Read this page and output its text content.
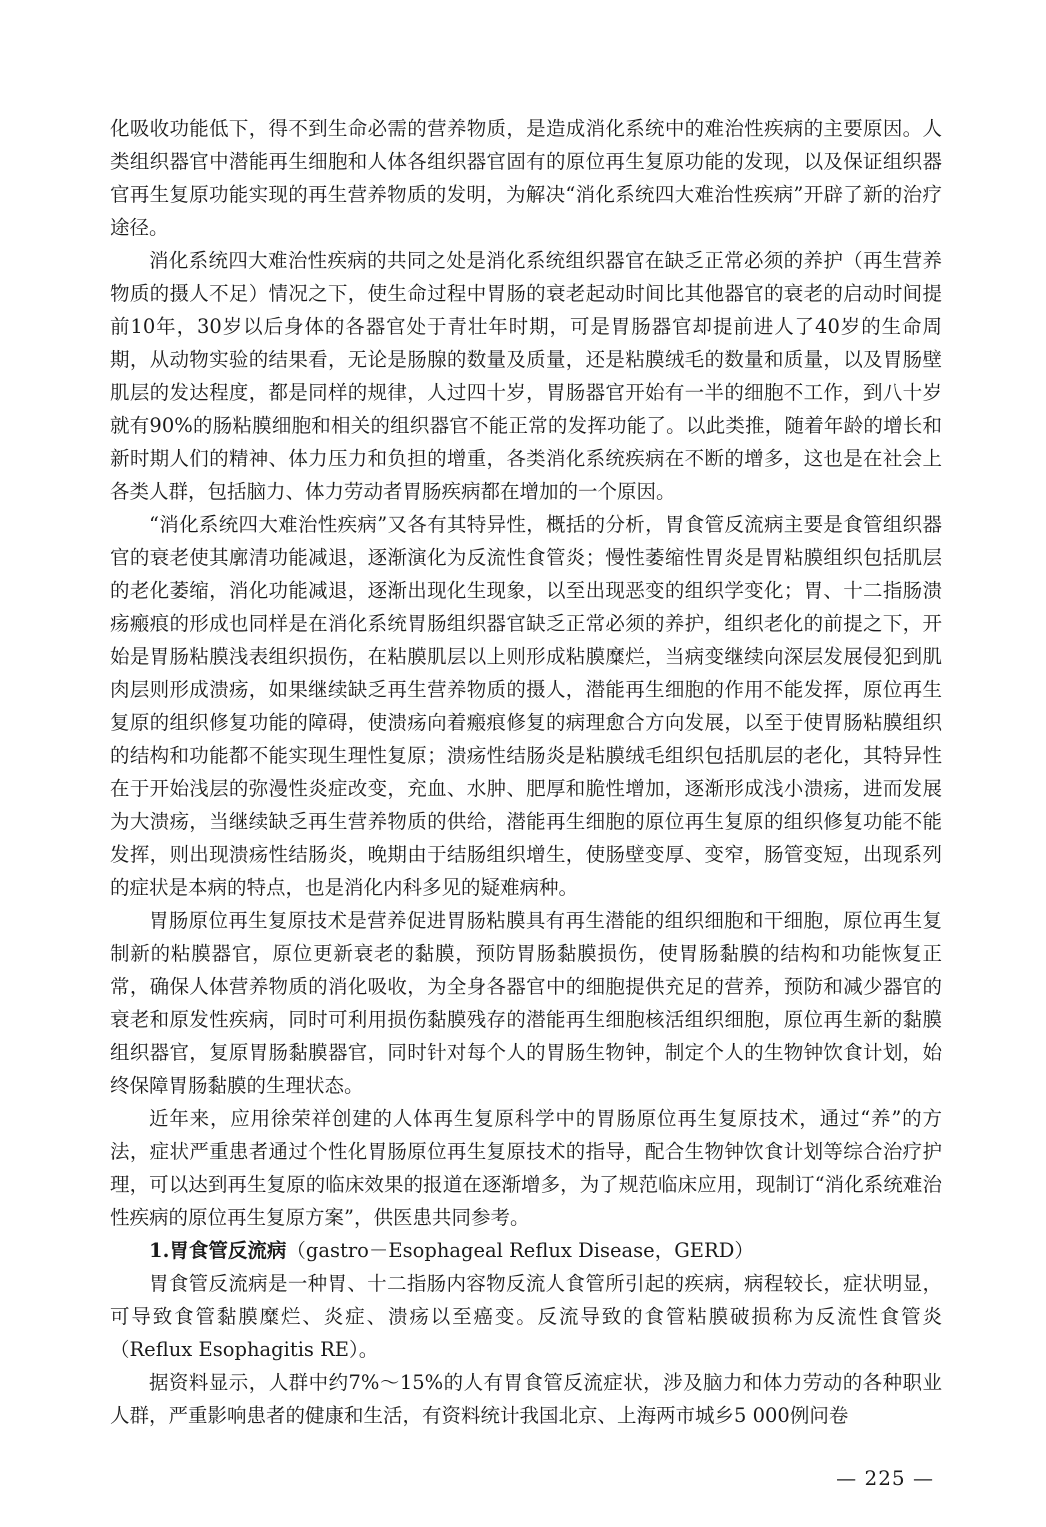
化吸收功能低下，得不到生命必需的营养物质，是造成消化系统中的难治性疾病的主要原因。人类组织器官中潜能再生细胞和人体各组织器官固有的原位再生复原功能的发现，以及保证组织器官再生复原功能实现的再生营养物质的发明，为解决“消化系统四大难治性疾病”开辟了新的治疗途径。

消化系统四大难治性疾病的共同之处是消化系统组织器官在缺乏正常必须的养护（再生营养物质的摄人不足）情况之下，使生命过程中胃肠的衰老起动时间比其他器官的衰老的启动时间提前10年，30岁以后身体的各器官处于青壮年时期，可是胃肠器官却提前进人了40岁的生命周期，从动物实验的结果看，无论是肠腺的数量及质量，还是粘膜绒毛的数量和质量，以及胃肠壁肌层的发达程度，都是同样的规律，人过四十岁，胃肠器官开始有一半的细胞不工作，到八十岁就有90%的肠粘膜细胞和相关的组织器官不能正常的发挥功能了。以此类推，随着年龄的增长和新时期人们的精神、体力压力和负担的增重，各类消化系统疾病在不断的增多，这也是在社会上各类人群，包括脑力、体力劳动者胃肠疾病都在增加的一个原因。

“消化系统四大难治性疾病”又各有其特异性，概括的分析，胃食管反流病主要是食管组织器官的衰老使其廓清功能减退，逐渐演化为反流性食管炎；慢性萎缩性胃炎是胃粘膜组织包括肌层的老化萎缩，消化功能减退，逐渐出现化生现象，以至出现恶变的组织学变化；胃、十二指肠溃疡瘢痕的形成也同样是在消化系统胃肠组织器官缺乏正常必须的养护，组织老化的前提之下，开始是胃肠粘膜浅表组织损伤，在粘膜肌层以上则形成粘膜糜烂，当病变继续向深层发展侵犯到肌肉层则形成溃疡，如果继续缺乏再生营养物质的摄人，潜能再生细胞的作用不能发挥，原位再生复原的组织修复功能的障碍，使溃疡向着瘢痕修复的病理愈合方向发展，以至于使胃肠粘膜组织的结构和功能都不能实现生理性复原；溃疡性结肠炎是粘膜绒毛组织包括肌层的老化，其特异性在于开始浅层的弥漫性炎症改变，充血、水肿、肥厚和脆性增加，逐渐形成浅小溃疡，进而发展为大溃疡，当继续缺乏再生营养物质的供给，潜能再生细胞的原位再生复原的组织修复功能不能发挥，则出现溃疡性结肠炎，晚期由于结肠组织增生，使肠壁变厚、变窄，肠管变短，出现系列的症状是本病的特点，也是消化内科多见的疑难病种。

胃肠原位再生复原技术是营养促进胃肠粘膜具有再生潜能的组织细胞和干细胞，原位再生复制新的粘膜器官，原位更新衰老的黏膜，预防胃肠黏膜损伤，使胃肠黏膜的结构和功能恢复正常，确保人体营养物质的消化吸收，为全身各器官中的细胞提供充足的营养，预防和减少器官的衰老和原发性疾病，同时可利用损伤黏膜残存的潜能再生细胞核活组织细胞，原位再生新的黏膜组织器官，复原胃肠黏膜器官，同时针对每个人的胃肠生物钟，制定个人的生物钟饮食计划，始终保障胃肠黏膜的生理状态。

近年来，应用徐荣祥创建的人体再生复原科学中的胃肠原位再生复原技术，通过“养”的方法，症状严重患者通过个性化胃肠原位再生复原技术的指导，配合生物钟饮食计划等综合治疗护理，可以达到再生复原的临床效果的报道在逐渐增多，为了规范临床应用，现制订“消化系统难治性疾病的原位再生复原方案”，供医患共同参考。

1.胃食管反流病（gastro－Esophageal Reflux Disease，GERD）

胃食管反流病是一种胃、十二指肠内容物反流人食管所引起的疾病，病程较长，症状明显，可导致食管黏膜糜烂、炎症、溃疡以至癌变。反流导致的食管粘膜破损称为反流性食管炎（Reflux Esophagitis RE）。

据资料显示，人群中约7%～15%的人有胃食管反流症状，涉及脑力和体力劳动的各种职业人群，严重影响患者的健康和生活，有资料统计我国北京、上海两市城乡5 000例问卷

— 225 —
